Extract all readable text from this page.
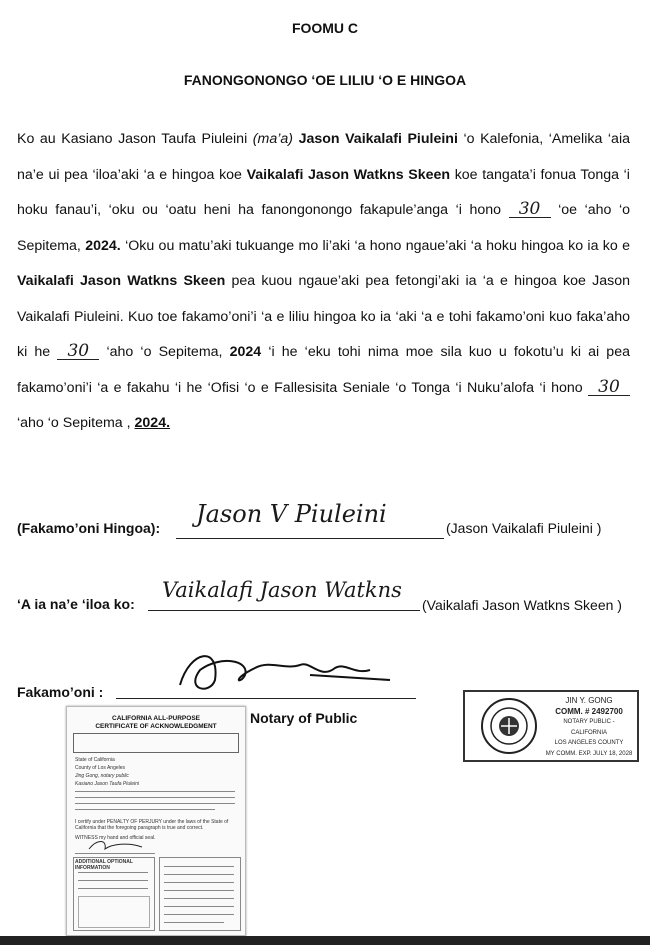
FOOMU C
FANONGONONGO ‘OE LILIU ‘O E HINGOA
Ko au Kasiano Jason Taufa Piuleini (ma’a) Jason Vaikalafi Piuleini ‘o Kalefonia, ‘Amelika ‘aia na’e ui pea ‘iloa’aki ‘a e hingoa koe Vaikalafi Jason Watkns Skeen koe tangata’i fonua Tonga ‘i hoku fanau’i, ‘oku ou ‘oatu heni ha fanongonongo fakapule’anga ‘i hono 30 ‘oe ‘aho ‘o Sepitema, 2024. ‘Oku ou matu’aki tukuange mo li’aki ‘a hono ngaue’aki ‘a hoku hingoa ko ia ko e Vaikalafi Jason Watkns Skeen pea kuou ngaue’aki pea fetongi’aki ia ‘a e hingoa koe Jason Vaikalafi Piuleini. Kuo toe fakamo’oni’i ‘a e liliu hingoa ko ia ‘aki ‘a e tohi fakamo’oni kuo faka’aho ki he 30 ‘aho ‘o Sepitema, 2024 ‘i he ‘eku tohi nima moe sila kuo u fokotu’u ki ai pea fakamo’oni’i ‘a e fakahu ‘i he ‘Ofisi ‘o e Fallesisita Seniale ‘o Tonga ‘i Nuku’alofa ‘i hono 30 ‘aho ‘o Sepitema , 2024.
(Fakamo’oni Hingoa): Jason V Piuleini	(Jason Vaikalafi Piuleini )
‘A ia na’e ‘iloa ko:
Vaikalafi Jason Watkns
(Vaikalafi Jason Watkns Skeen )
Fakamo’oni :
Notary of Public
JIN Y. GONG
COMM. # 2492700
NOTARY PUBLIC - CALIFORNIA
LOS ANGELES COUNTY
MY COMM. EXP. JULY 18, 2028
CALIFORNIA ALL-PURPOSE
CERTIFICATE OF ACKNOWLEDGMENT
State of California
County of Los Angeles
Jing Gong, notary public
Kasiano Jason Taufa Piuleini
I certify under PENALTY OF PERJURY under the laws of the State of California that the foregoing paragraph is true and correct.
WITNESS my hand and official seal.
ADDITIONAL OPTIONAL INFORMATION
